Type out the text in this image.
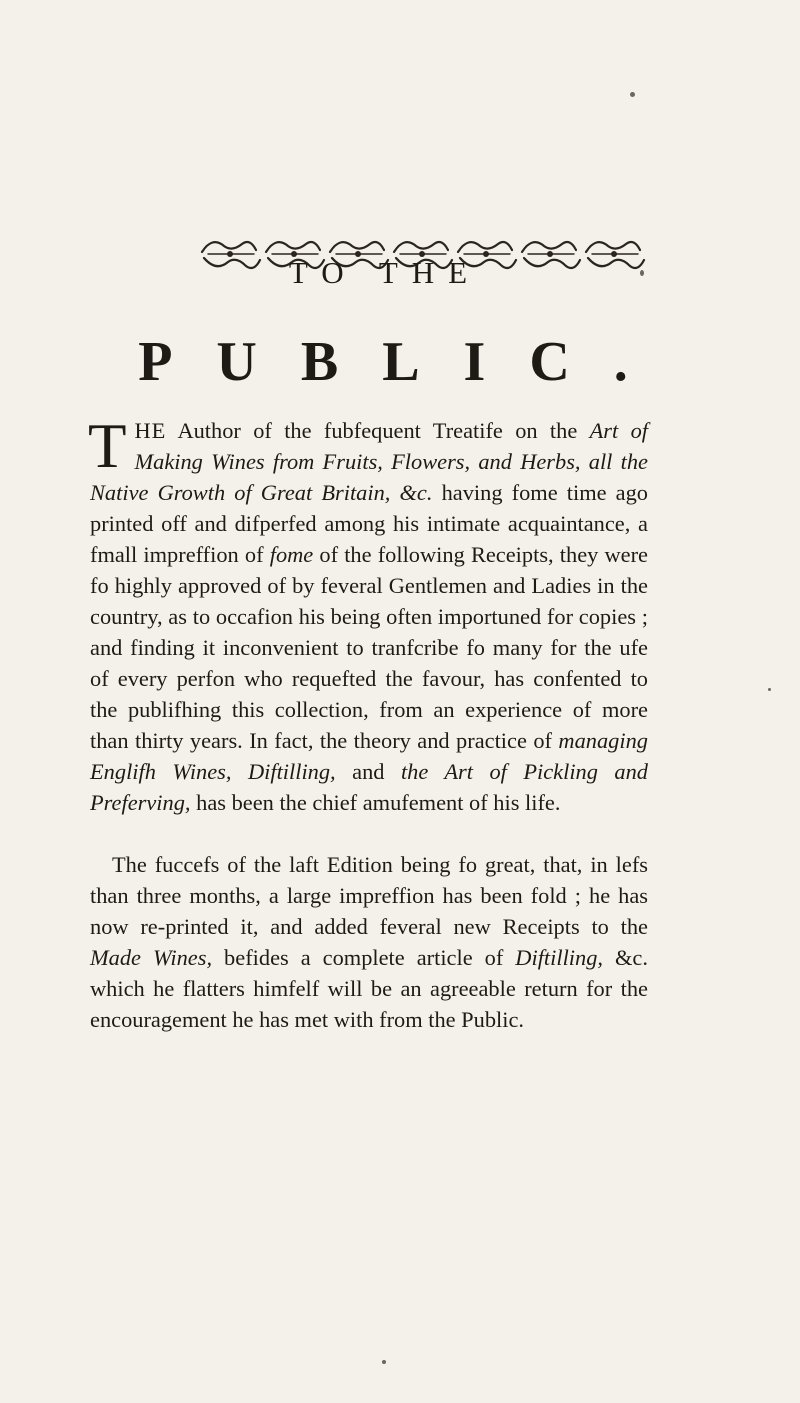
TO THE
PUBLIC.

THE Author of the fubfequent Treatife on the Art of Making Wines from Fruits, Flowers, and Herbs, all the Native Growth of Great Britain, &c. having fome time ago printed off and difperfed among his intimate acquaintance, a fmall impreffion of fome of the following Receipts, they were fo highly approved of by feveral Gentlemen and Ladies in the country, as to occafion his being often importuned for copies ; and finding it inconvenient to tranfcribe fo many for the ufe of every perfon who requefted the favour, has confented to the publifhing this collection, from an experience of more than thirty years. In fact, the theory and practice of managing Englifh Wines, Diftilling, and the Art of Pickling and Preferving, has been the chief amufement of his life.

The fuccefs of the laft Edition being fo great, that, in lefs than three months, a large impreffion has been fold ; he has now re-printed it, and added feveral new Receipts to the Made Wines, befides a complete article of Diftilling, &c. which he flatters himfelf will be an agreeable return for the encouragement he has met with from the Public.
